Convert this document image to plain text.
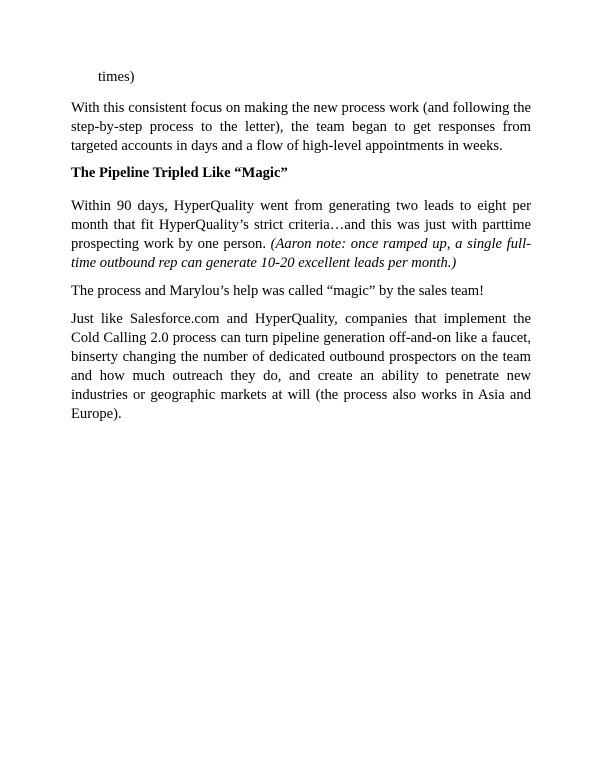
times)

With this consistent focus on making the new process work (and following the step-by-step process to the letter), the team began to get responses from targeted accounts in days and a flow of high-level appointments in weeks.

The Pipeline Tripled Like “Magic”

Within 90 days, HyperQuality went from generating two leads to eight per month that fit HyperQuality’s strict criteria…and this was just with parttime prospecting work by one person. (Aaron note: once ramped up, a single full-time outbound rep can generate 10-20 excellent leads per month.)

The process and Marylou’s help was called “magic” by the sales team!

Just like Salesforce.com and HyperQuality, companies that implement the Cold Calling 2.0 process can turn pipeline generation off-and-on like a faucet, binserty changing the number of dedicated outbound prospectors on the team and how much outreach they do, and create an ability to penetrate new industries or geographic markets at will (the process also works in Asia and Europe).
